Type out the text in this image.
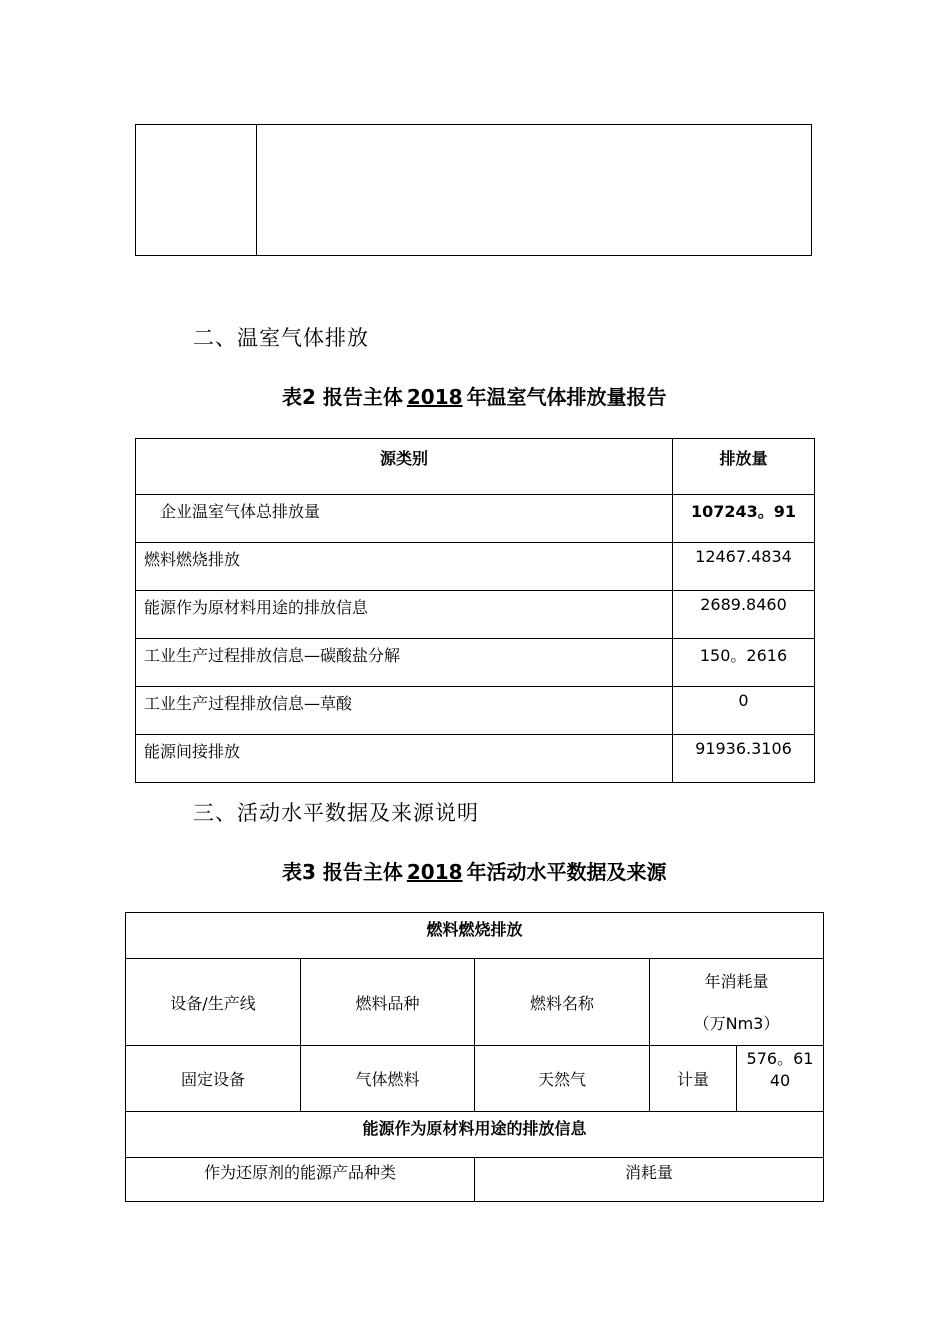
二、温室气体排放
表2 报告主体 2018 年温室气体排放量报告
源类别	排放量
企业温室气体总排放量	107243。91
燃料燃烧排放	12467.4834
能源作为原材料用途的排放信息	2689.8460
工业生产过程排放信息—碳酸盐分解	150。2616
工业生产过程排放信息—草酸	0
能源间接排放	91936.3106
三、活动水平数据及来源说明
表3 报告主体 2018 年活动水平数据及来源
燃料燃烧排放				
设备/生产线	燃料品种	燃料名称	年消耗量
（万Nm3）	

固定设备	气体燃料	天然气	计量	576。61
40

能源作为原材料用途的排放信息				
作为还原剂的能源产品种类		消耗量		
